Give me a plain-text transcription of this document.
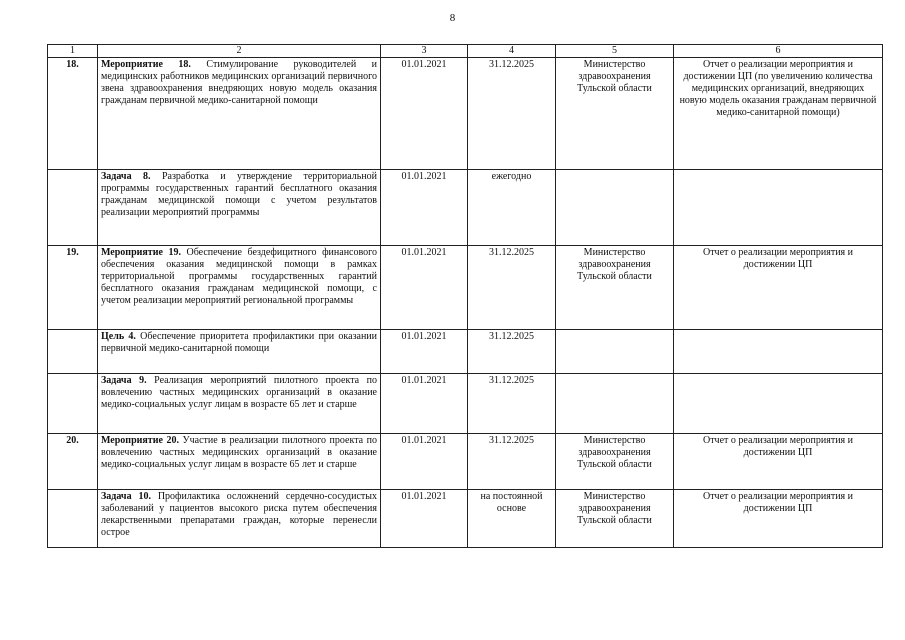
8
1	2	3	4	5	6
18.	Мероприятие 18. Стимулирование руководителей и медицинских работников медицинских организаций первичного звена здравоохранения внедряющих новую модель оказания гражданам первичной медико-санитарной помощи	01.01.2021	31.12.2025	Министерство здравоохранения Тульской области	Отчет о реализации мероприятия и достижении ЦП (по увеличению количества медицинских организаций, внедряющих новую модель оказания гражданам первичной медико-санитарной помощи)
	Задача 8. Разработка и утверждение территориальной программы государственных гарантий бесплатного оказания гражданам медицинской помощи с учетом результатов реализации мероприятий программы	01.01.2021	ежегодно		
19.	Мероприятие 19. Обеспечение бездефицитного финансового обеспечения оказания медицинской помощи в рамках территориальной программы государственных гарантий бесплатного оказания гражданам медицинской помощи, с учетом реализации мероприятий региональной программы	01.01.2021	31.12.2025	Министерство здравоохранения Тульской области	Отчет о реализации мероприятия и достижении ЦП
	Цель 4. Обеспечение приоритета профилактики при оказании первичной медико-санитарной помощи	01.01.2021	31.12.2025		
	Задача 9. Реализация мероприятий пилотного проекта по вовлечению частных медицинских организаций в оказание медико-социальных услуг лицам в возрасте 65 лет и старше	01.01.2021	31.12.2025		
20.	Мероприятие 20. Участие в реализации пилотного проекта по вовлечению частных медицинских организаций в оказание медико-социальных услуг лицам в возрасте 65 лет и старше	01.01.2021	31.12.2025	Министерство здравоохранения Тульской области	Отчет о реализации мероприятия и достижении ЦП
	Задача 10. Профилактика осложнений сердечно-сосудистых заболеваний у пациентов высокого риска путем обеспечения лекарственными препаратами граждан, которые перенесли острое	01.01.2021	на постоянной основе	Министерство здравоохранения Тульской области	Отчет о реализации мероприятия и достижении ЦП
